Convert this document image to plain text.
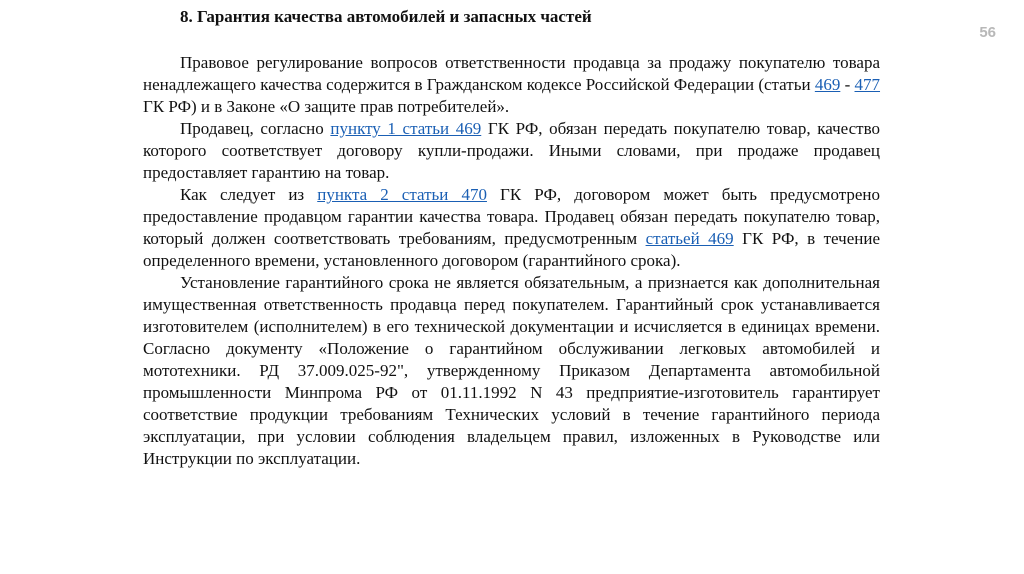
56
8. Гарантия качества автомобилей и запасных частей

Правовое регулирование вопросов ответственности продавца за продажу покупателю товара ненадлежащего качества содержится в Гражданском кодексе Российской Федерации (статьи 469 - 477 ГК РФ) и в Законе «О защите прав потребителей».

Продавец, согласно пункту 1 статьи 469 ГК РФ, обязан передать покупателю товар, качество которого соответствует договору купли-продажи. Иными словами, при продаже продавец предоставляет гарантию на товар.

Как следует из пункта 2 статьи 470 ГК РФ, договором может быть предусмотрено предоставление продавцом гарантии качества товара. Продавец обязан передать покупателю товар, который должен соответствовать требованиям, предусмотренным статьей 469 ГК РФ, в течение определенного времени, установленного договором (гарантийного срока).

Установление гарантийного срока не является обязательным, а признается как дополнительная имущественная ответственность продавца перед покупателем. Гарантийный срок устанавливается изготовителем (исполнителем) в его технической документации и исчисляется в единицах времени. Согласно документу «Положение о гарантийном обслуживании легковых автомобилей и мототехники. РД 37.009.025-92", утвержденному Приказом Департамента автомобильной промышленности Минпрома РФ от 01.11.1992 N 43 предприятие-изготовитель гарантирует соответствие продукции требованиям Технических условий в течение гарантийного периода эксплуатации, при условии соблюдения владельцем правил, изложенных в Руководстве или Инструкции по эксплуатации.
